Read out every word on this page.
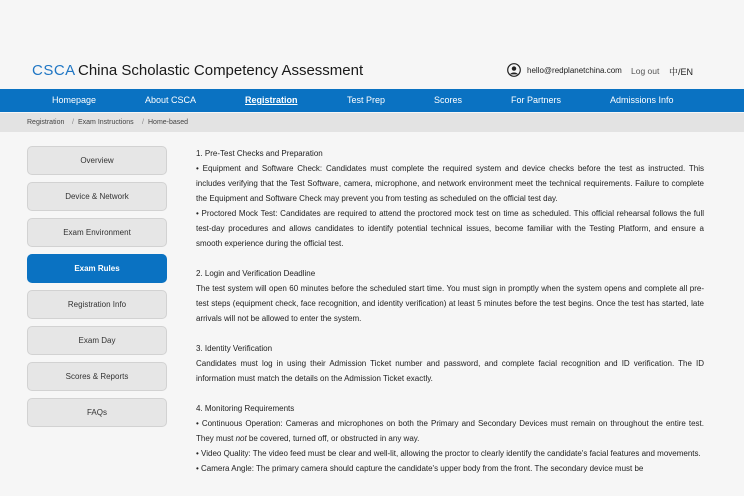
CSCA China Scholastic Competency Assessment	hello@redplanetchina.com Log out 中/EN
Homepage	About CSCA	Registration	Test Prep	Scores	For Partners	Admissions Info
Registration / Exam Instructions / Home-based
Overview
Device & Network
Exam Environment
Exam Rules
Registration Info
Exam Day
Scores & Reports
FAQs

1. Pre-Test Checks and Preparation

• Equipment and Software Check: Candidates must complete the required system and device checks before the test as instructed. This includes verifying that the Test Software, camera, microphone, and network environment meet the technical requirements. Failure to complete the Equipment and Software Check may prevent you from testing as scheduled on the official test day.

• Proctored Mock Test: Candidates are required to attend the proctored mock test on time as scheduled. This official rehearsal follows the full test-day procedures and allows candidates to identify potential technical issues, become familiar with the Testing Platform, and ensure a smooth experience during the official test.

2. Login and Verification Deadline

The test system will open 60 minutes before the scheduled start time. You must sign in promptly when the system opens and complete all pre-test steps (equipment check, face recognition, and identity verification) at least 5 minutes before the test begins. Once the test has started, late arrivals will not be allowed to enter the system.

3. Identity Verification

Candidates must log in using their Admission Ticket number and password, and complete facial recognition and ID verification. The ID information must match the details on the Admission Ticket exactly.

4. Monitoring Requirements

• Continuous Operation: Cameras and microphones on both the Primary and Secondary Devices must remain on throughout the entire test. They must not be covered, turned off, or obstructed in any way.

• Video Quality: The video feed must be clear and well-lit, allowing the proctor to clearly identify the candidate's facial features and movements.

• Camera Angle: The primary camera should capture the candidate's upper body from the front. The secondary device must be
